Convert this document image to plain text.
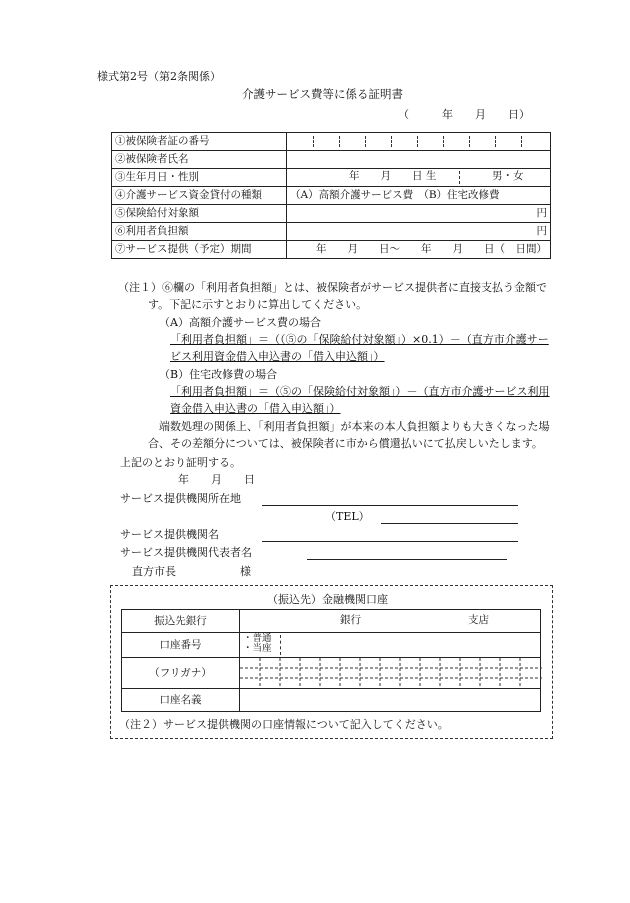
様式第2号（第2条関係）
介護サービス費等に係る証明書
（　　　年　　月　　日）
①被保険者証の番号	

②被保険者氏名	
③生年月日・性別	年　　月　　日 生 男・女

④介護サービス資金貸付の種類	（A）高額介護サービス費　（B）住宅改修費
⑤保険給付対象額	円
⑥利用者負担額	円
⑦サービス提供（予定）期間	年　　月　　日～　　年　　月　　日（　日間）
（注１）⑥欄の「利用者負担額」とは、被保険者がサービス提供者に直接支払う金額で
す。下記に示すとおりに算出してください。
（A）高額介護サービス費の場合
「利用者負担額」＝（（⑤の「保険給付対象額」）×0.1）－（直方市介護サー
ビス利用資金借入申込書の「借入申込額」）
（B）住宅改修費の場合
「利用者負担額」＝（⑤の「保険給付対象額」）－（直方市介護サービス利用
資金借入申込書の「借入申込額」）
端数処理の関係上、「利用者負担額」が本来の本人負担額よりも大きくなった場
合、その差額分については、被保険者に市から償還払いにて払戻しいたします。
上記のとおり証明する。
年　　月　　日
サービス提供機関所在地
（TEL）
サービス提供機関名
サービス提供機関代表者名
直方市長	様
（振込先）金融機関口座
振込先銀行	銀行 支店

口座番号	・普通
・当座

（フリガナ）	

口座名義	
（注２）サービス提供機関の口座情報について記入してください。
